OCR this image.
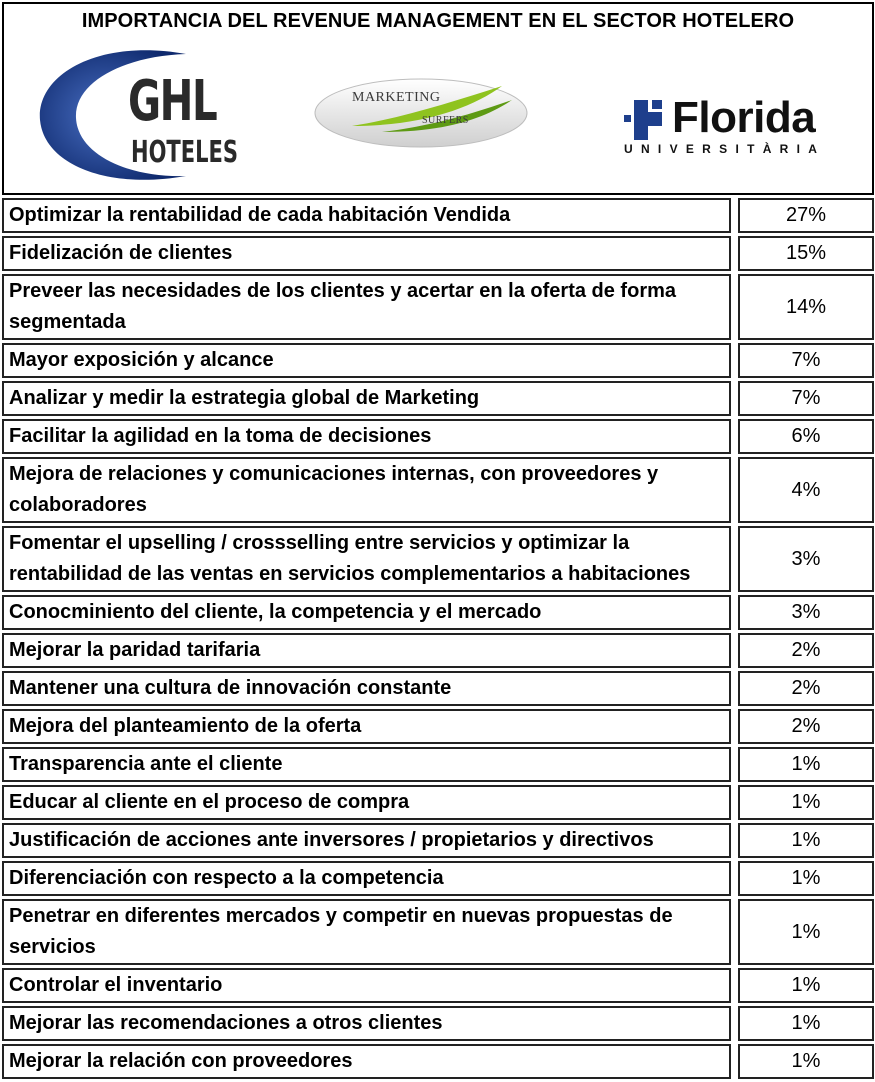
IMPORTANCIA DEL REVENUE MANAGEMENT EN EL SECTOR HOTELERO
GHL
HOTELES
MARKETING
SURFERS	Florida
UNIVERSITÀRIA
Optimizar la rentabilidad de cada habitación Vendida		27%
Fidelización de clientes		15%
Preveer las necesidades de los clientes y acertar en la oferta de forma segmentada		14%
Mayor exposición y alcance		7%
Analizar y medir la estrategia global de Marketing		7%
Facilitar la agilidad en la toma de decisiones		6%
Mejora de relaciones y comunicaciones internas, con proveedores y colaboradores		4%
Fomentar el upselling / crossselling entre servicios y optimizar la rentabilidad de las ventas en servicios complementarios a habitaciones		3%
Conocminiento del cliente, la competencia y el mercado		3%
Mejorar la paridad tarifaria		2%
Mantener una cultura de innovación constante		2%
Mejora del planteamiento de la oferta		2%
Transparencia ante el cliente		1%
Educar al cliente en el proceso de compra		1%
Justificación de acciones ante inversores / propietarios y directivos		1%
Diferenciación con respecto a la competencia		1%
Penetrar en diferentes mercados y competir en nuevas propuestas de servicios		1%
Controlar el inventario		1%
Mejorar las recomendaciones a otros clientes		1%
Mejorar la relación con proveedores		1%
